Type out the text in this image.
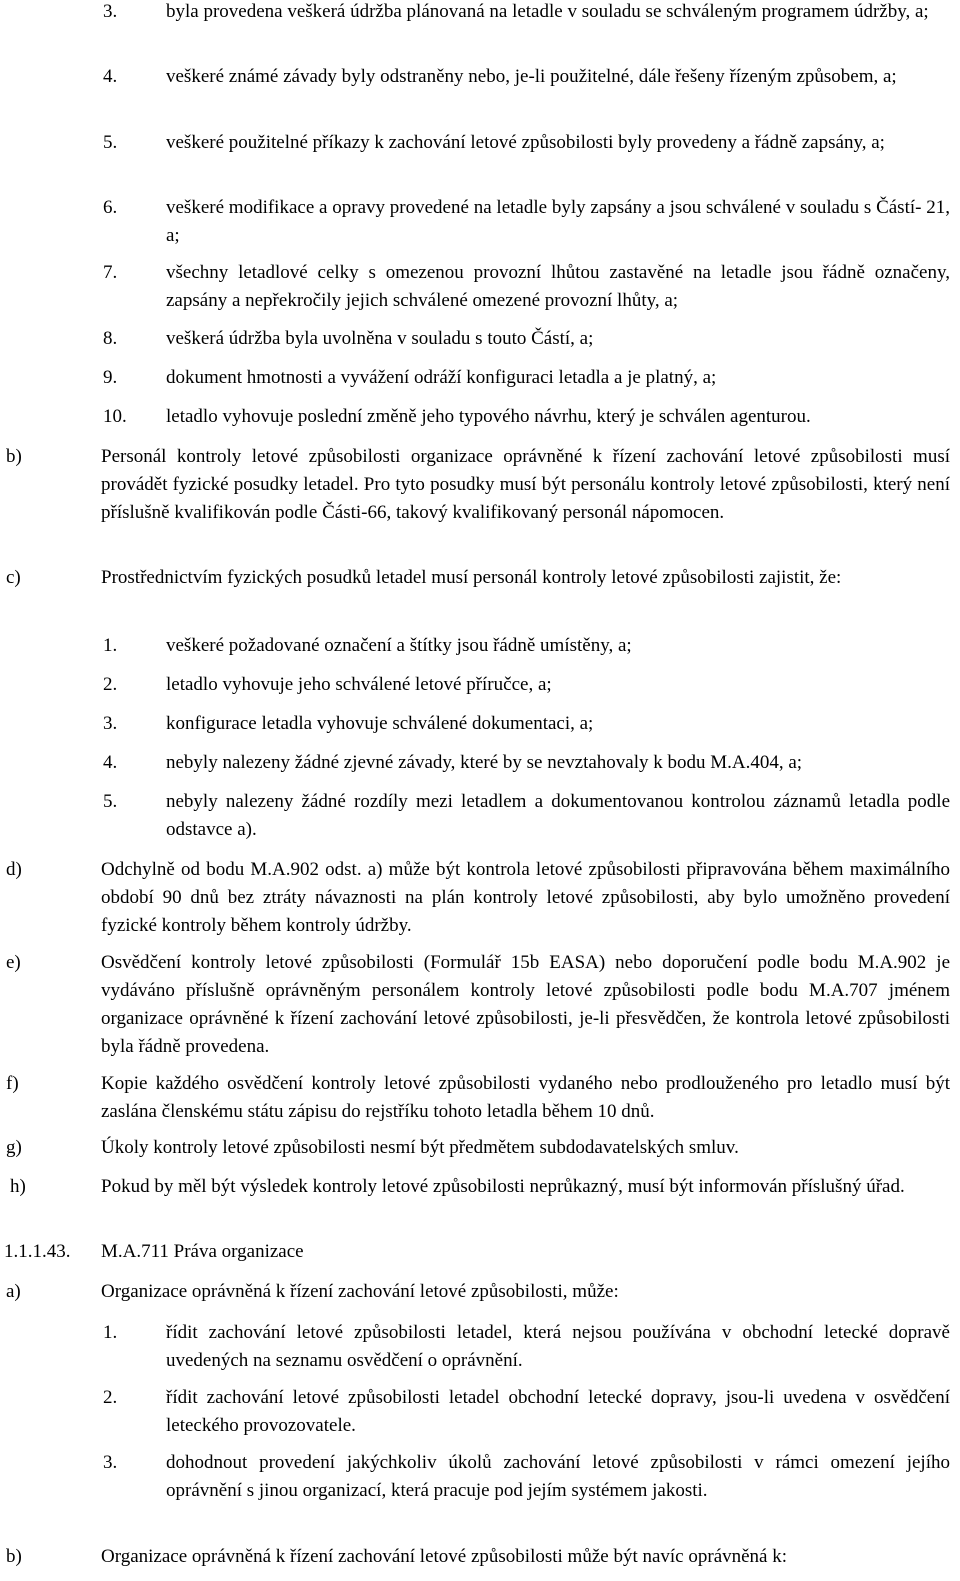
3.	byla provedena veškerá údržba plánovaná na letadle v souladu se schváleným programem údržby, a;
4.	veškeré známé závady byly odstraněny nebo, je-li použitelné, dále řešeny řízeným způsobem, a;
5.	veškeré použitelné příkazy k zachování letové způsobilosti byly provedeny a řádně zapsány, a;
6.	veškeré modifikace a opravy provedené na letadle byly zapsány a jsou schválené v souladu s Částí- 21, a;
7.	všechny letadlové celky s omezenou provozní lhůtou zastavěné na letadle jsou řádně označeny, zapsány a nepřekročily jejich schválené omezené provozní lhůty, a;
8.	veškerá údržba byla uvolněna v souladu s touto Částí, a;
9.	dokument hmotnosti a vyvážení odráží konfiguraci letadla a je platný, a;
10. letadlo vyhovuje poslední změně jeho typového návrhu, který je schválen agenturou.
b)	Personál kontroly letové způsobilosti organizace oprávněné k řízení zachování letové způsobilosti musí provádět fyzické posudky letadel. Pro tyto posudky musí být personálu kontroly letové způsobilosti, který není příslušně kvalifikován podle Části-66, takový kvalifikovaný personál nápomocen.
c)	Prostřednictvím fyzických posudků letadel musí personál kontroly letové způsobilosti zajistit, že:
1.	veškeré požadované označení a štítky jsou řádně umístěny, a;
2.	letadlo vyhovuje jeho schválené letové příručce, a;
3.	konfigurace letadla vyhovuje schválené dokumentaci, a;
4.	nebyly nalezeny žádné zjevné závady, které by se nevztahovaly k bodu M.A.404, a;
5.	nebyly nalezeny žádné rozdíly mezi letadlem a dokumentovanou kontrolou záznamů letadla podle odstavce a).
d)	Odchylně od bodu M.A.902 odst. a) může být kontrola letové způsobilosti připravována během maximálního období 90 dnů bez ztráty návaznosti na plán kontroly letové způsobilosti, aby bylo umožněno provedení fyzické kontroly během kontroly údržby.
e)	Osvědčení kontroly letové způsobilosti (Formulář 15b EASA) nebo doporučení podle bodu M.A.902 je vydáváno příslušně oprávněným personálem kontroly letové způsobilosti podle bodu M.A.707 jménem organizace oprávněné k řízení zachování letové způsobilosti, je-li přesvědčen, že kontrola letové způsobilosti byla řádně provedena.
f)	Kopie každého osvědčení kontroly letové způsobilosti vydaného nebo prodlouženého pro letadlo musí být zaslána členskému státu zápisu do rejstříku tohoto letadla během 10 dnů.
g)	Úkoly kontroly letové způsobilosti nesmí být předmětem subdodavatelských smluv.
h)	Pokud by měl být výsledek kontroly letové způsobilosti neprůkazný, musí být informován příslušný úřad.
1.1.1.43. M.A.711 Práva organizace
a)	Organizace oprávněná k řízení zachování letové způsobilosti, může:
1.	řídit zachování letové způsobilosti letadel, která nejsou používána v obchodní letecké dopravě uvedených na seznamu osvědčení o oprávnění.
2.	řídit zachování letové způsobilosti letadel obchodní letecké dopravy, jsou-li uvedena v osvědčení leteckého provozovatele.
3.	dohodnout provedení jakýchkoliv úkolů zachování letové způsobilosti v rámci omezení jejího oprávnění s jinou organizací, která pracuje pod jejím systémem jakosti.
b)	Organizace oprávněná k řízení zachování letové způsobilosti může být navíc oprávněná k:
